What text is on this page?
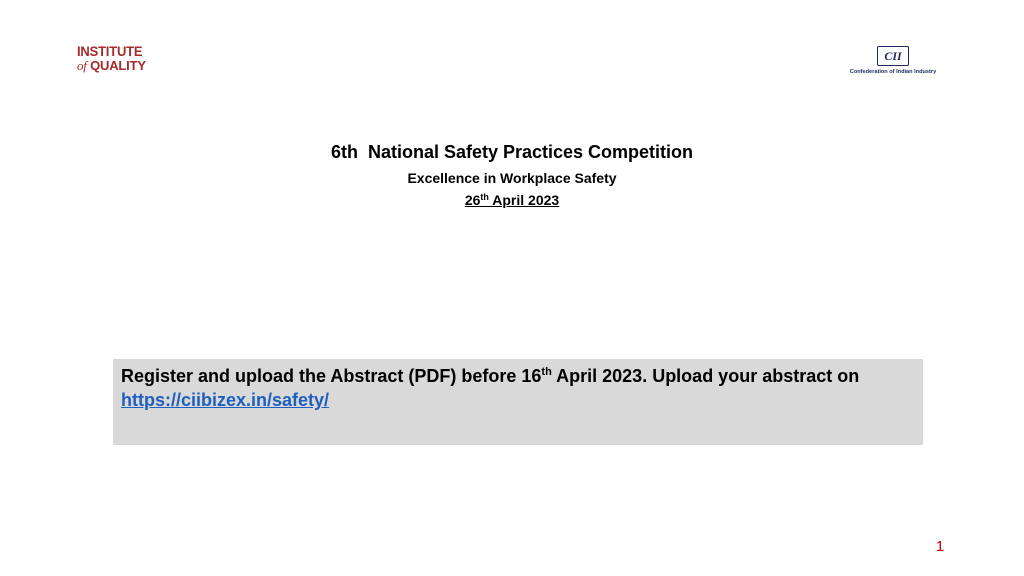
INSTITUTE
of QUALITY
CII
Confederation of Indian Industry
6th  National Safety Practices Competition
Excellence in Workplace Safety
26th April 2023
Register and upload the Abstract (PDF) before 16th April 2023. Upload your abstract on
https://ciibizex.in/safety/
1
